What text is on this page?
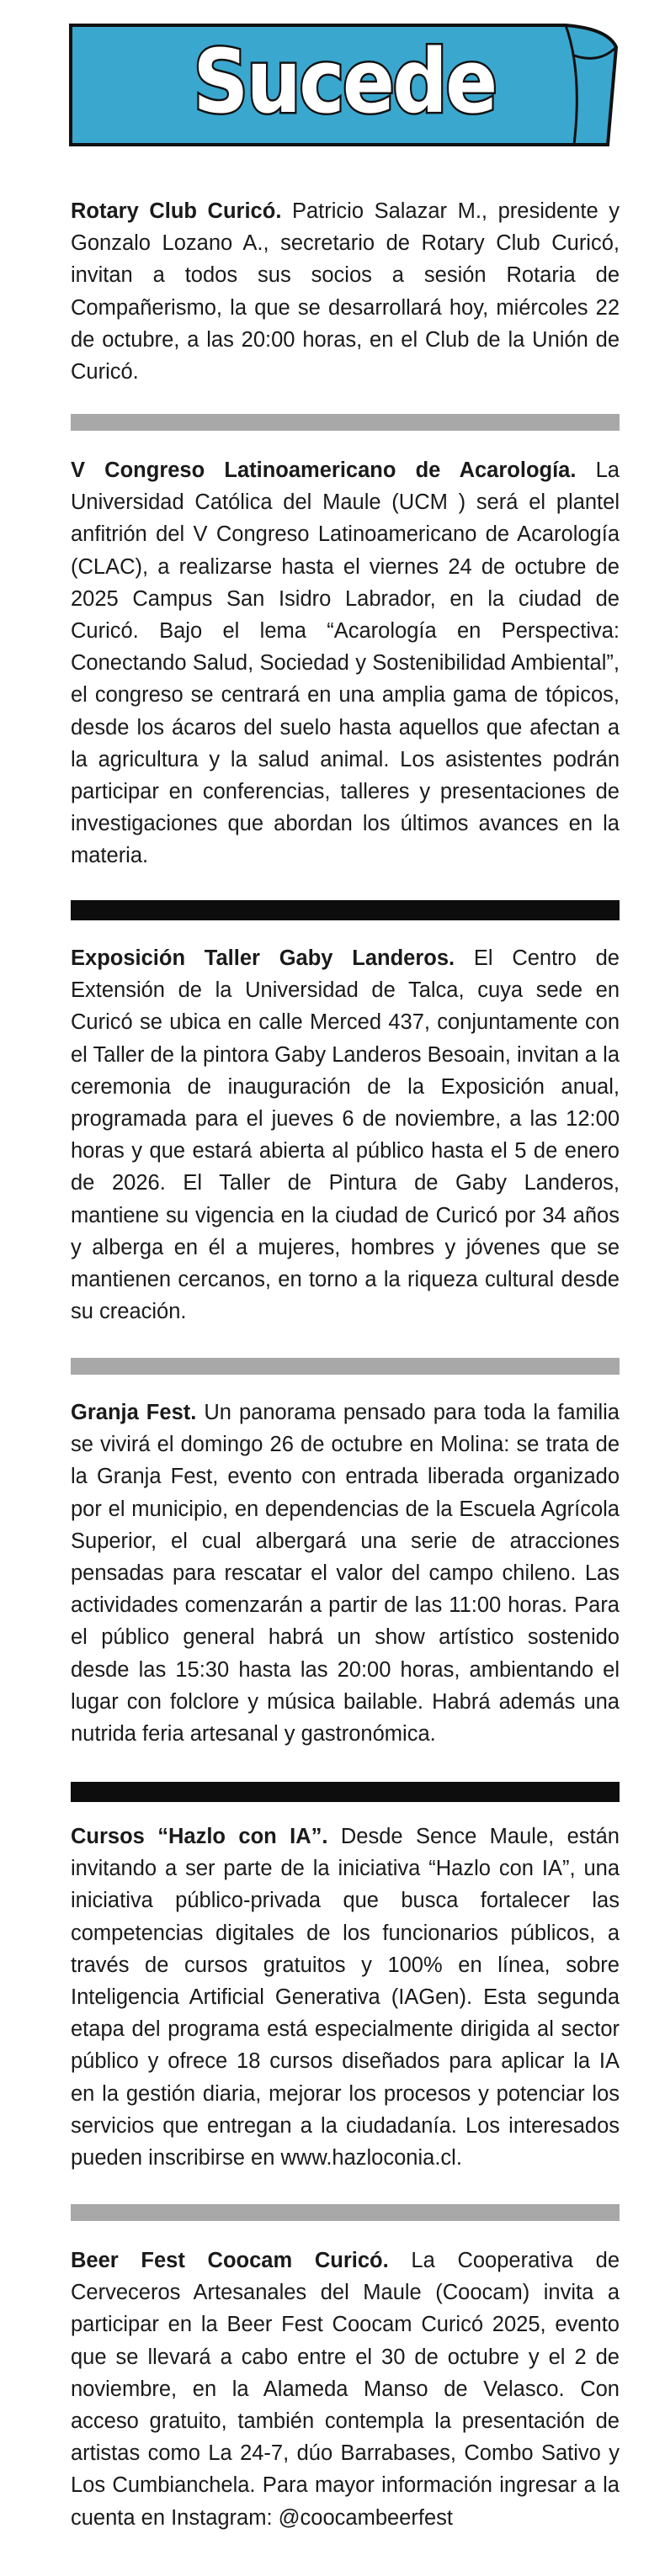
Sucede
Rotary Club Curicó. Patricio Salazar M., presidente y Gonzalo Lozano A., secretario de Rotary Club Curicó, invitan a todos sus socios a sesión Rotaria de Compañerismo, la que se desarrollará hoy, miércoles 22 de octubre, a las 20:00 horas, en el Club de la Unión de Curicó.
V Congreso Latinoamericano de Acarología. La Universidad Católica del Maule (UCM ) será el plantel anfitrión del V Congreso Latinoamericano de Acarología (CLAC), a realizarse hasta el viernes 24 de octubre de 2025 Campus San Isidro Labrador, en la ciudad de Curicó. Bajo el lema “Acarología en Perspectiva: Conectando Salud, Sociedad y Sostenibilidad Ambiental”, el congreso se centrará en una amplia gama de tópicos, desde los ácaros del suelo hasta aquellos que afectan a la agricultura y la salud animal. Los asistentes podrán participar en conferencias, talleres y presentaciones de investigaciones que abordan los últimos avances en la materia.
Exposición Taller Gaby Landeros. El Centro de Extensión de la Universidad de Talca, cuya sede en Curicó se ubica en calle Merced 437, conjuntamente con el Taller de la pintora Gaby Landeros Besoain, invitan a la ceremonia de inauguración de la Exposición anual, programada para el jueves 6 de noviembre, a las 12:00 horas y que estará abierta al público hasta el 5 de enero de 2026. El Taller de Pintura de Gaby Landeros, mantiene su vigencia en la ciudad de Curicó por 34 años y alberga en él a mujeres, hombres y jóvenes que se mantienen cercanos, en torno a la riqueza cultural desde su creación.
Granja Fest. Un panorama pensado para toda la familia se vivirá el domingo 26 de octubre en Molina: se trata de la Granja Fest, evento con entrada liberada organizado por el municipio, en dependencias de la Escuela Agrícola Superior, el cual albergará una serie de atracciones pensadas para rescatar el valor del campo chileno. Las actividades comenzarán a partir de las 11:00 horas. Para el público general habrá un show artístico sostenido desde las 15:30 hasta las 20:00 horas, ambientando el lugar con folclore y música bailable. Habrá además una nutrida feria artesanal y gastronómica.
Cursos “Hazlo con IA”. Desde Sence Maule, están invitando a ser parte de la iniciativa “Hazlo con IA”, una iniciativa público-privada que busca fortalecer las competencias digitales de los funcionarios públicos, a través de cursos gratuitos y 100% en línea, sobre Inteligencia Artificial Generativa (IAGen). Esta segunda etapa del programa está especialmente dirigida al sector público y ofrece 18 cursos diseñados para aplicar la IA en la gestión diaria, mejorar los procesos y potenciar los servicios que entregan a la ciudadanía. Los interesados pueden inscribirse en www.hazloconia.cl.
Beer Fest Coocam Curicó. La Cooperativa de Cerveceros Artesanales del Maule (Coocam) invita a participar en la Beer Fest Coocam Curicó 2025, evento que se llevará a cabo entre el 30 de octubre y el 2 de noviembre, en la Alameda Manso de Velasco. Con acceso gratuito, también contempla la presentación de artistas como La 24-7, dúo Barrabases, Combo Sativo y Los Cumbianchela. Para mayor información ingresar a la cuenta en Instagram: @coocambeerfest
